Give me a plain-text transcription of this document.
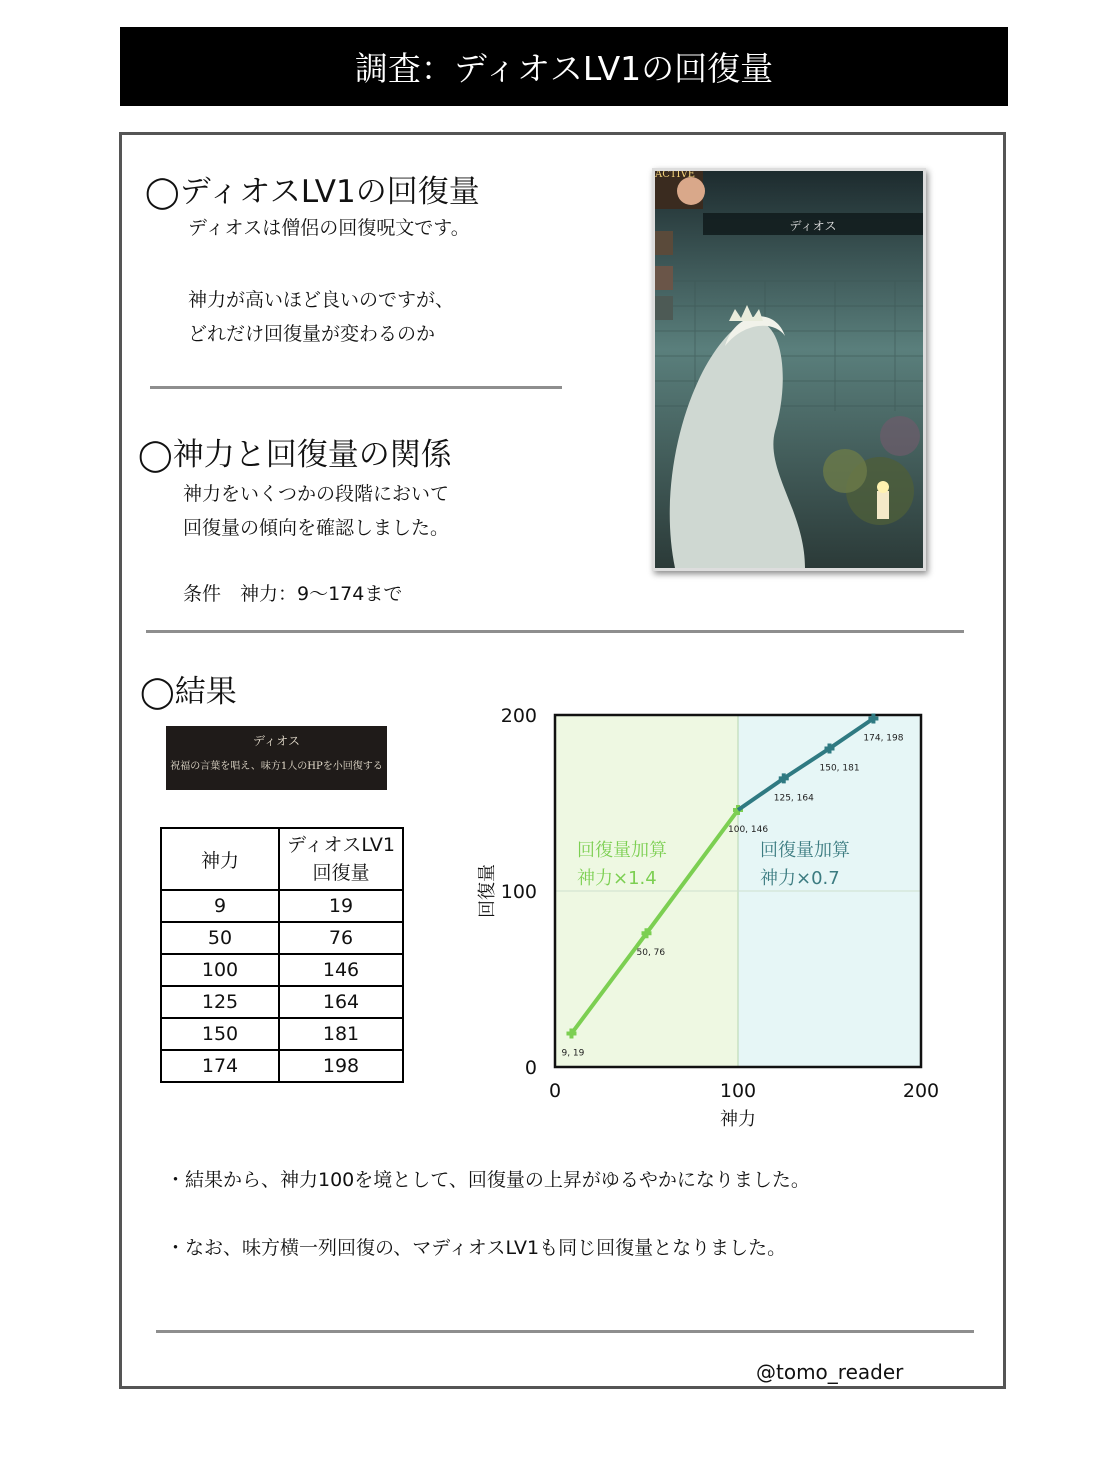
調査：ディオスLV1の回復量
◯ディオスLV1の回復量
ディオスは僧侶の回復呪文です。
神力が高いほど良いのですが、
どれだけ回復量が変わるのか
ACTIVE
ディオス
◯神力と回復量の関係
神力をいくつかの段階において
回復量の傾向を確認しました。
条件　神力：9〜174まで
◯結果
ディオス
祝福の言葉を唱え、味方1人のHPを小回復する
神力	ディオスLV1
回復量

9	19
50	76
100	146
125	164
150	181
174	198
0	100	200
0
100
200
神力
回復量
回復量加算
神力×1.4
回復量加算
神力×0.7
9, 19
50, 76
100, 146
125, 164
150, 181
174, 198
・結果から、神力100を境として、回復量の上昇がゆるやかになりました。
・なお、味方横一列回復の、マディオスLV1も同じ回復量となりました。
@tomo_reader
